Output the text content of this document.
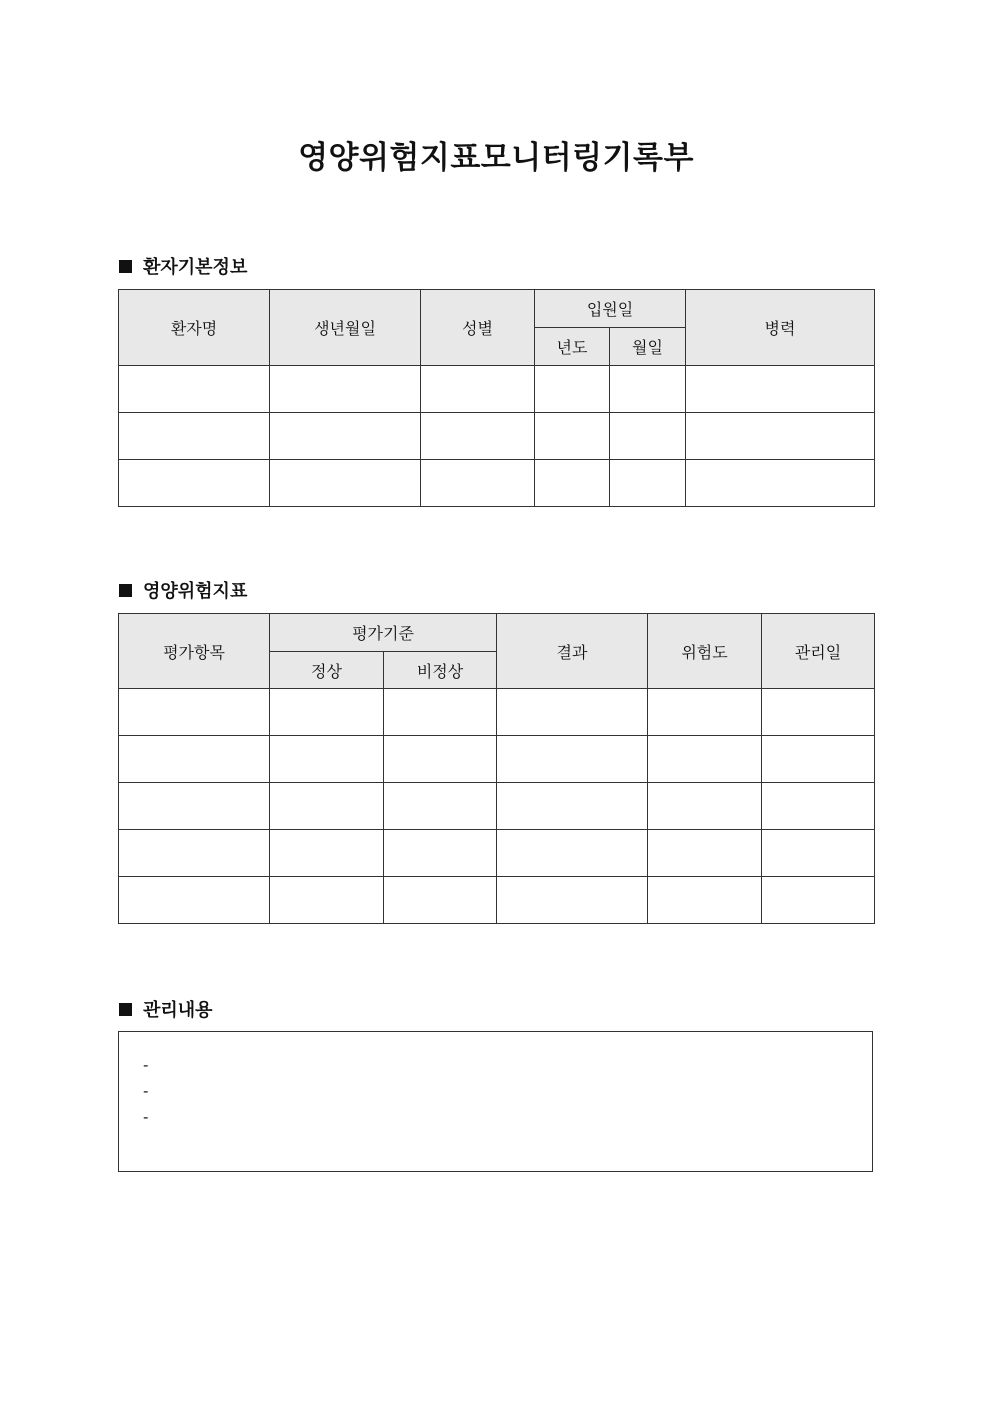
영양위험지표모니터링기록부
환자기본정보
환자명	생년월일	성별	입원일		병력
			년도	월일	

영양위험지표
평가항목	평가기준		결과	위험도	관리일
	정상	비정상			

관리내용
-
-
-
